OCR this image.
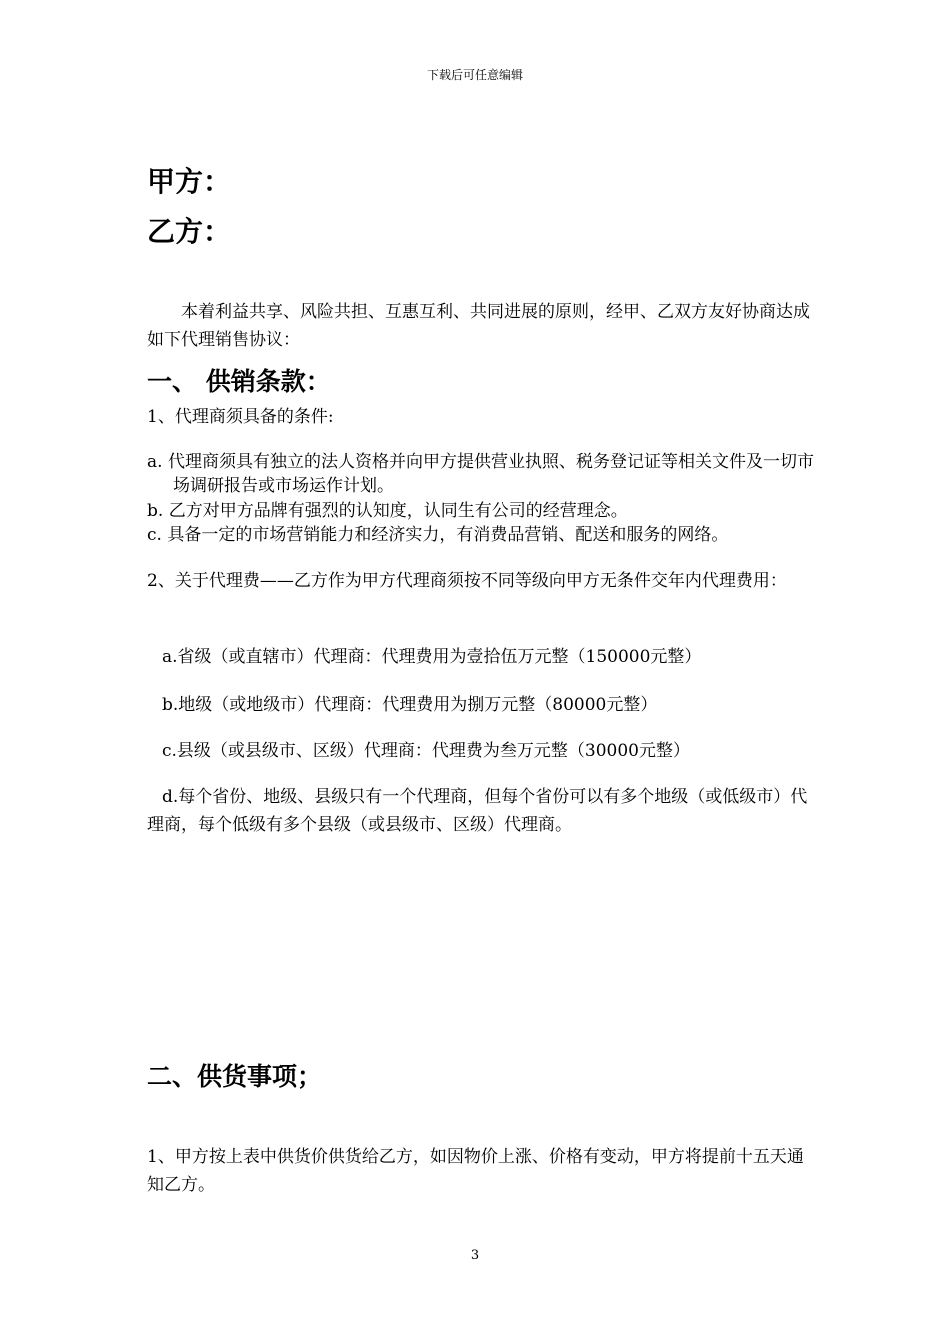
下载后可任意编辑
甲方：
乙方：
本着利益共享、风险共担、互惠互利、共同进展的原则，经甲、乙双方友好协商达成如下代理销售协议：
一、 供销条款：
1、代理商须具备的条件:
a. 代理商须具有独立的法人资格并向甲方提供营业执照、税务登记证等相关文件及一切市场调研报告或市场运作计划。
b. 乙方对甲方品牌有强烈的认知度，认同生有公司的经营理念。
c. 具备一定的市场营销能力和经济实力，有消费品营销、配送和服务的网络。
2、关于代理费——乙方作为甲方代理商须按不同等级向甲方无条件交年内代理费用：
a.省级（或直辖市）代理商：代理费用为壹拾伍万元整（150000元整）
b.地级（或地级市）代理商：代理费用为捌万元整（80000元整）
c.县级（或县级市、区级）代理商：代理费为叁万元整（30000元整）
d.每个省份、地级、县级只有一个代理商，但每个省份可以有多个地级（或低级市）代理商，每个低级有多个县级（或县级市、区级）代理商。
二、供货事项；
1、甲方按上表中供货价供货给乙方，如因物价上涨、价格有变动，甲方将提前十五天通知乙方。
3
